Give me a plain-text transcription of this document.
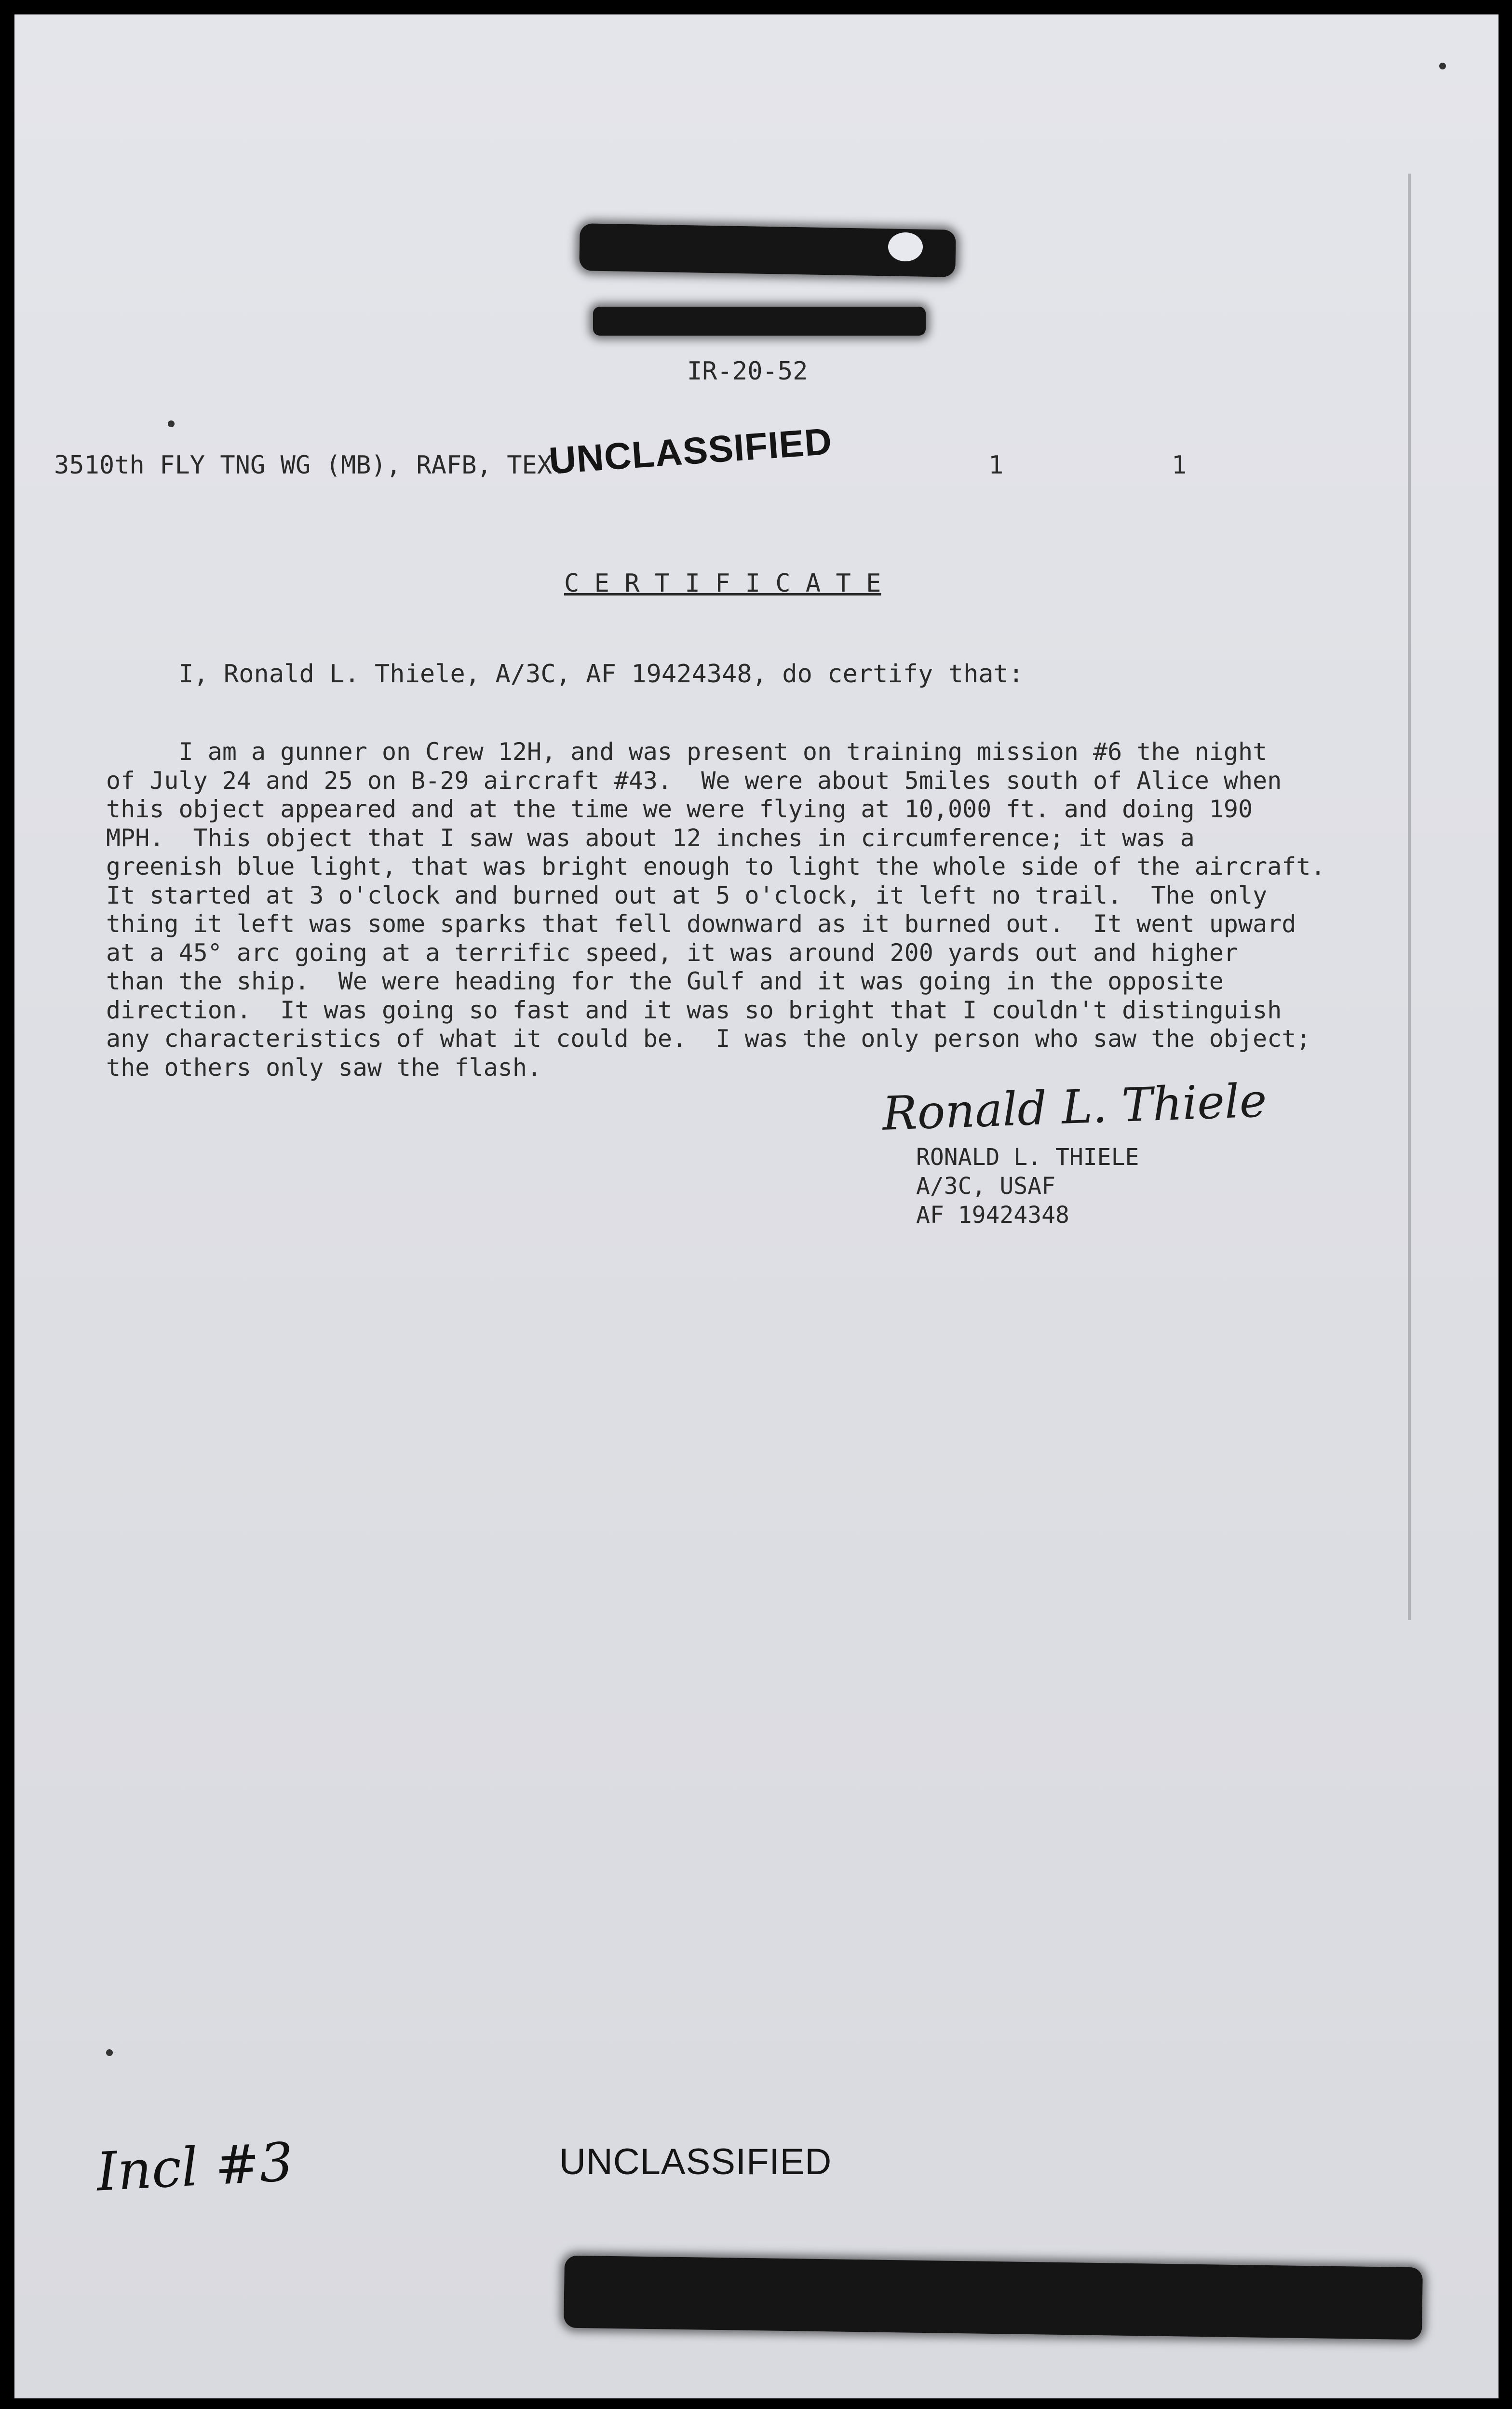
IR-20-52
3510th FLY TNG WG (MB), RAFB, TEX.
UNCLASSIFIED	1	1
C E R T I F I C A T E
I, Ronald L. Thiele, A/3C, AF 19424348, do certify that:
I am a gunner on Crew 12H, and was present on training mission #6 the night
of July 24 and 25 on B-29 aircraft #43.  We were about 5miles south of Alice when
this object appeared and at the time we were flying at 10,000 ft. and doing 190
MPH.  This object that I saw was about 12 inches in circumference; it was a
greenish blue light, that was bright enough to light the whole side of the aircraft.
It started at 3 o'clock and burned out at 5 o'clock, it left no trail.  The only
thing it left was some sparks that fell downward as it burned out.  It went upward
at a 45° arc going at a terrific speed, it was around 200 yards out and higher
than the ship.  We were heading for the Gulf and it was going in the opposite
direction.  It was going so fast and it was so bright that I couldn't distinguish
any characteristics of what it could be.  I was the only person who saw the object;
the others only saw the flash.
Ronald L. Thiele
RONALD L. THIELE
A/3C, USAF
AF 19424348
Incl #3	UNCLASSIFIED
